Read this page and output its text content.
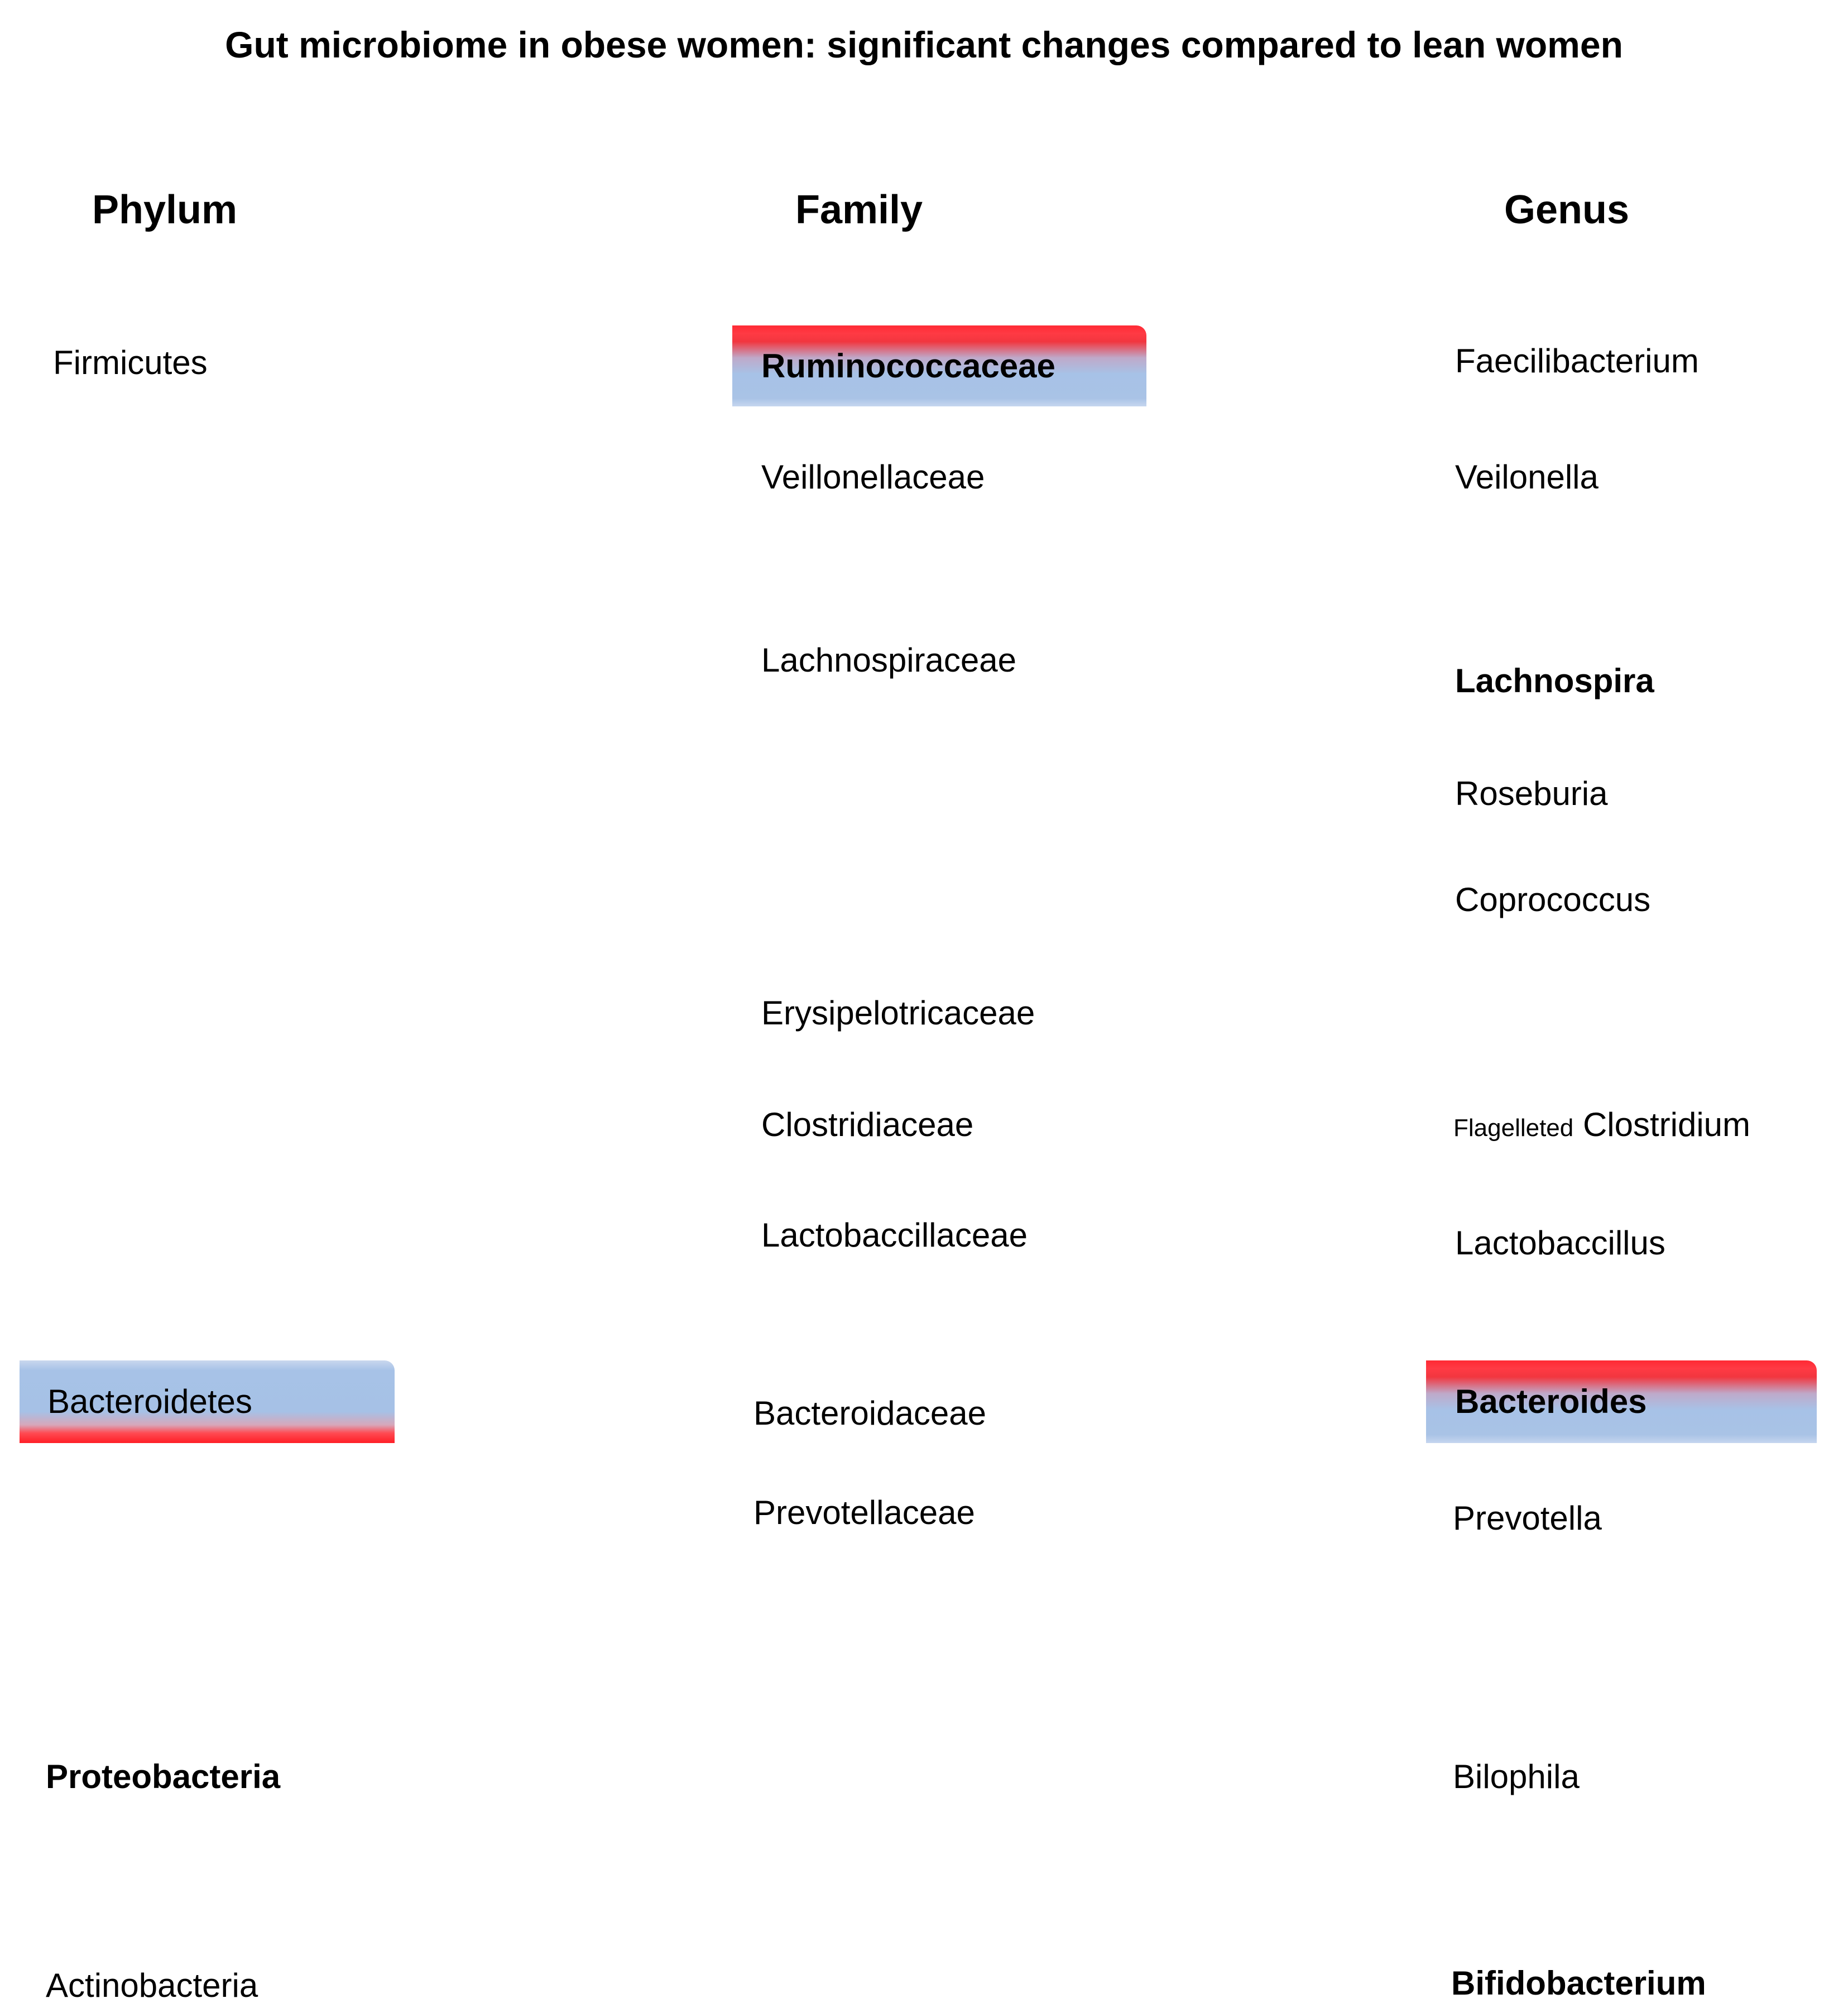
Gut microbiome in obese women: significant changes compared to lean women
Phylum	Family	Genus
Firmicutes
Bacteroidetes
Proteobacteria
Actinobacteria
Ruminococcaceae
Veillonellaceae
Lachnospiraceae
Erysipelotricaceae
Clostridiaceae
Lactobaccillaceae
Bacteroidaceae
Prevotellaceae
Faecilibacterium
Veilonella
Lachnospira
Roseburia
Coprococcus
Flagelleted Clostridium
Lactobaccillus
Bacteroides
Prevotella
Bilophila
Bifidobacterium
